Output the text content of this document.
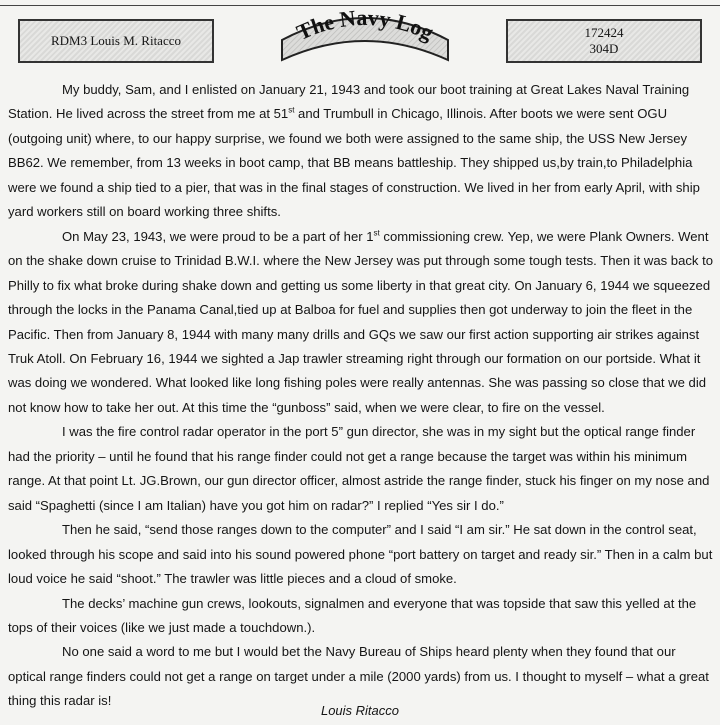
RDM3 Louis M. Ritacco	The Navy Log	172424
304D

My buddy, Sam, and I enlisted on January 21, 1943 and took our boot training at Great Lakes Naval Training Station. He lived across the street from me at 51st and Trumbull in Chicago, Illinois. After boots we were sent OGU (outgoing unit) where, to our happy surprise, we found we both were assigned to the same ship, the USS New Jersey BB62. We remember, from 13 weeks in boot camp, that BB means battleship. They shipped us,by train,to Philadelphia were we found a ship tied to a pier, that was in the final stages of construction. We lived in her from early April, with ship yard workers still on board working three shifts.

On May 23, 1943, we were proud to be a part of her 1st commissioning crew. Yep, we were Plank Owners. Went on the shake down cruise to Trinidad B.W.I. where the New Jersey was put through some tough tests. Then it was back to Philly to fix what broke during shake down and getting us some liberty in that great city. On January 6, 1944 we squeezed through the locks in the Panama Canal,tied up at Balboa for fuel and supplies then got underway to join the fleet in the Pacific. Then from January 8, 1944 with many many drills and GQs we saw our first action supporting air strikes against Truk Atoll. On February 16, 1944 we sighted a Jap trawler streaming right through our formation on our portside. What it was doing we wondered. What looked like long fishing poles were really antennas. She was passing so close that we did not know how to take her out. At this time the “gunboss” said, when we were clear, to fire on the vessel.

I was the fire control radar operator in the port 5” gun director, she was in my sight but the optical range finder had the priority – until he found that his range finder could not get a range because the target was within his minimum range. At that point Lt. JG.Brown, our gun director officer, almost astride the range finder, stuck his finger on my nose and said “Spaghetti (since I am Italian) have you got him on radar?” I replied “Yes sir I do.”

Then he said, “send those ranges down to the computer” and I said “I am sir.” He sat down in the control seat, looked through his scope and said into his sound powered phone “port battery on target and ready sir.” Then in a calm but loud voice he said “shoot.” The trawler was little pieces and a cloud of smoke.

The decks’ machine gun crews, lookouts, signalmen and everyone that was topside that saw this yelled at the tops of their voices (like we just made a touchdown.).

No one said a word to me but I would bet the Navy Bureau of Ships heard plenty when they found that our optical range finders could not get a range on target under a mile (2000 yards) from us. I thought to myself – what a great thing this radar is!

Louis Ritacco
